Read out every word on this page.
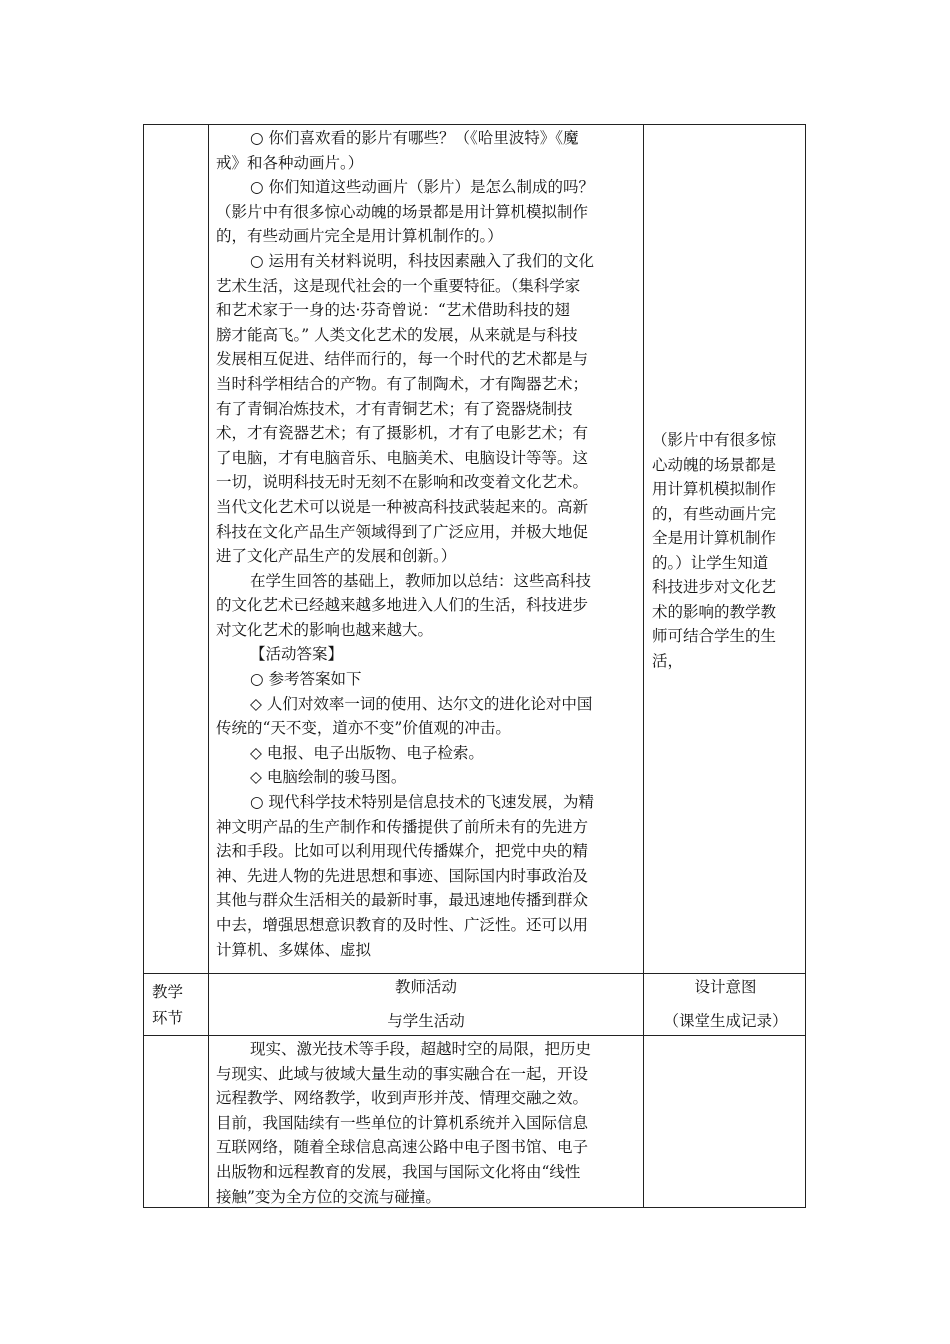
○ 你们喜欢看的影片有哪些？（《哈里波特》《魔

戒》和各种动画片。）

○ 你们知道这些动画片（影片）是怎么制成的吗？

（影片中有很多惊心动魄的场景都是用计算机模拟制作

的，有些动画片完全是用计算机制作的。）

○ 运用有关材料说明，科技因素融入了我们的文化

艺术生活，这是现代社会的一个重要特征。（集科学家

和艺术家于一身的达·芬奇曾说：“艺术借助科技的翅

膀才能高飞。” 人类文化艺术的发展，从来就是与科技

发展相互促进、结伴而行的，每一个时代的艺术都是与

当时科学相结合的产物。有了制陶术，才有陶器艺术；

有了青铜冶炼技术，才有青铜艺术；有了瓷器烧制技

术，才有瓷器艺术；有了摄影机，才有了电影艺术；有

了电脑，才有电脑音乐、电脑美术、电脑设计等等。这

一切，说明科技无时无刻不在影响和改变着文化艺术。

当代文化艺术可以说是一种被高科技武装起来的。高新

科技在文化产品生产领域得到了广泛应用，并极大地促

进了文化产品生产的发展和创新。）

在学生回答的基础上，教师加以总结：这些高科技

的文化艺术已经越来越多地进入人们的生活，科技进步

对文化艺术的影响也越来越大。

【活动答案】

○ 参考答案如下

◇ 人们对效率一词的使用、达尔文的进化论对中国

传统的“天不变，道亦不变”价值观的冲击。

◇ 电报、电子出版物、电子检索。

◇ 电脑绘制的骏马图。

○ 现代科学技术特别是信息技术的飞速发展，为精

神文明产品的生产制作和传播提供了前所未有的先进方

法和手段。比如可以利用现代传播媒介，把党中央的精

神、先进人物的先进思想和事迹、国际国内时事政治及

其他与群众生活相关的最新时事，最迅速地传播到群众

中去，增强思想意识教育的及时性、广泛性。还可以用

计算机、多媒体、虚拟

（影片中有很多惊

心动魄的场景都是

用计算机模拟制作

的，有些动画片完

全是用计算机制作

的。）让学生知道

科技进步对文化艺

术的影响的教学教

师可结合学生的生

活，

教学

环节

教师活动

与学生活动

设计意图

（课堂生成记录）

现实、激光技术等手段，超越时空的局限，把历史

与现实、此域与彼域大量生动的事实融合在一起，开设

远程教学、网络教学，收到声形并茂、情理交融之效。

目前，我国陆续有一些单位的计算机系统并入国际信息

互联网络，随着全球信息高速公路中电子图书馆、电子

出版物和远程教育的发展，我国与国际文化将由“线性

接触”变为全方位的交流与碰撞。
